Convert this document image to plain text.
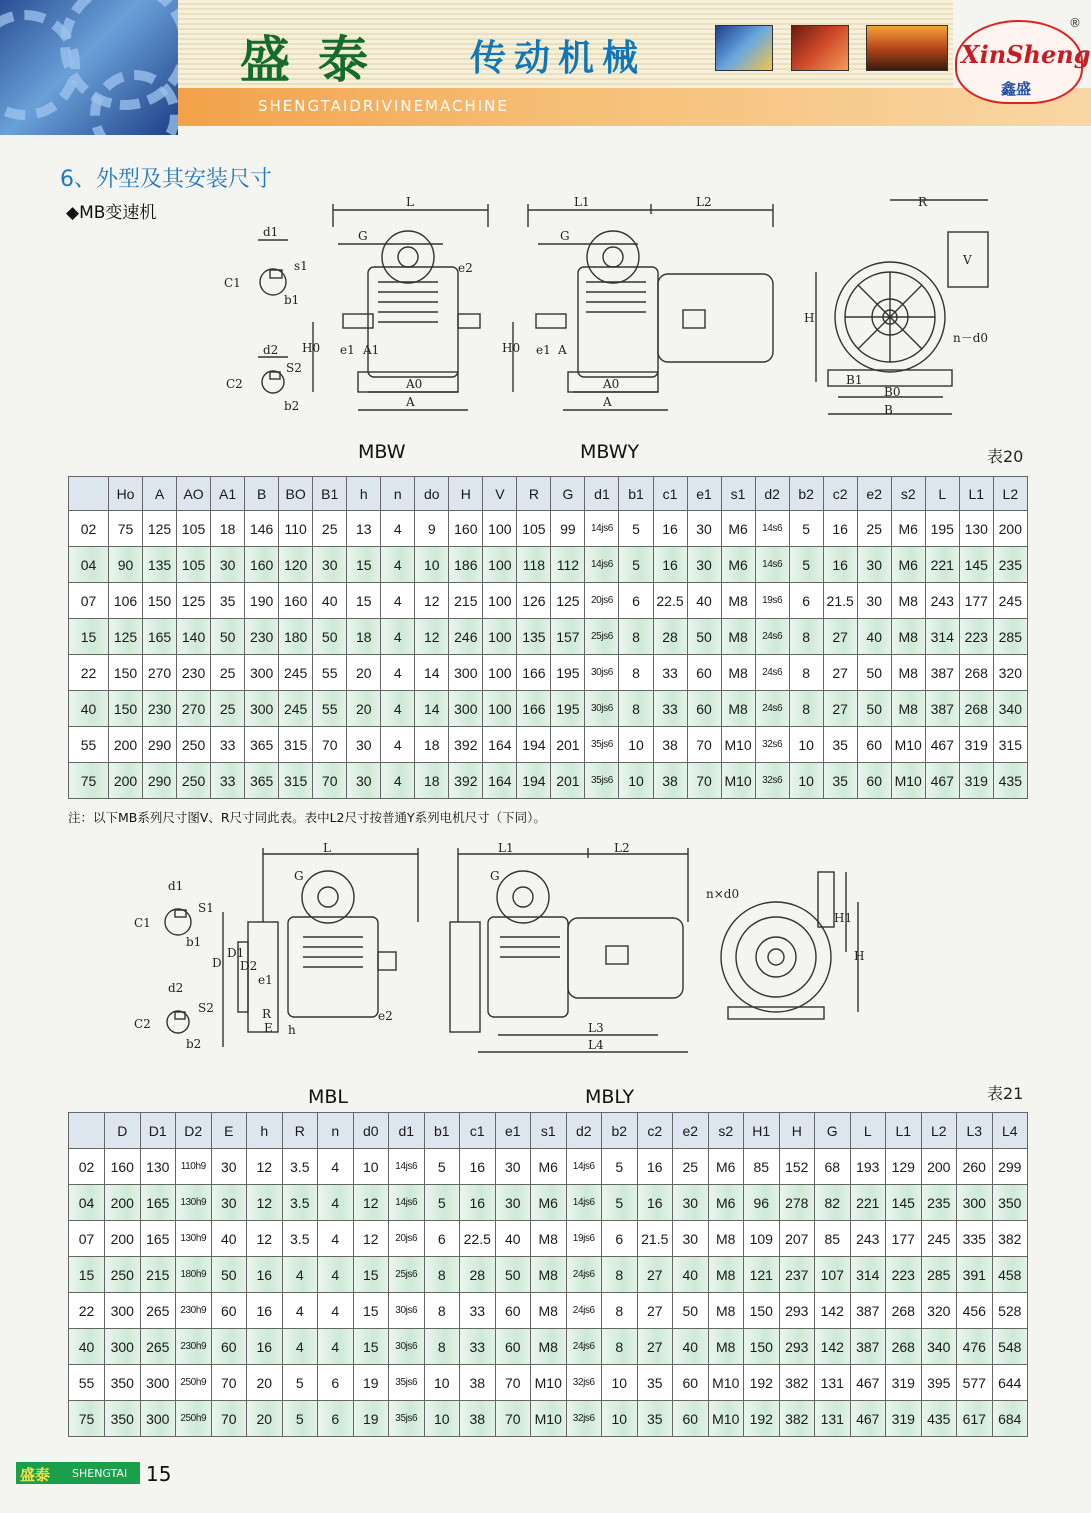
盛泰 传动机械
SHENGTAIDRIVINEMACHINE
XinSheng
鑫盛
®
6、外型及其安装尺寸
◆MB变速机
L
G
d1
C1
s1
b1
e2
d2
C2
S2
b2
H0 e1 A1
A0
A
L1	L2
G
H0 e1 A
A0
A
R
V
H
n－d0
B1
B0
B
MBW	MBWY	表20
	Ho	A	AO	A1	B	BO	B1	h	n	do	H	V	R	G	d1	b1	c1	e1	s1	d2	b2	c2	e2	s2	L	L1	L2
02	75	125	105	18	146	110	25	13	4	9	160	100	105	99	14js6	5	16	30	M6	14s6	5	16	25	M6	195	130	200
04	90	135	105	30	160	120	30	15	4	10	186	100	118	112	14js6	5	16	30	M6	14s6	5	16	30	M6	221	145	235
07	106	150	125	35	190	160	40	15	4	12	215	100	126	125	20js6	6	22.5	40	M8	19s6	6	21.5	30	M8	243	177	245
15	125	165	140	50	230	180	50	18	4	12	246	100	135	157	25js6	8	28	50	M8	24s6	8	27	40	M8	314	223	285
22	150	270	230	25	300	245	55	20	4	14	300	100	166	195	30js6	8	33	60	M8	24s6	8	27	50	M8	387	268	320
40	150	230	270	25	300	245	55	20	4	14	300	100	166	195	30js6	8	33	60	M8	24s6	8	27	50	M8	387	268	340
55	200	290	250	33	365	315	70	30	4	18	392	164	194	201	35js6	10	38	70	M10	32s6	10	35	60	M10	467	319	315
75	200	290	250	33	365	315	70	30	4	18	392	164	194	201	35js6	10	38	70	M10	32s6	10	35	60	M10	467	319	435
注：以下MB系列尺寸图V、R尺寸同此表。表中L2尺寸按普通Y系列电机尺寸（下同）。
L
G
d1
C1
S1
b1
d2
C2
S2
b2
D
D1
D2
e1
e2
R
E h
L1	L2
L3
L4
G
n×d0
H1
H
MBL	MBLY	表21
	D	D1	D2	E	h	R	n	d0	d1	b1	c1	e1	s1	d2	b2	c2	e2	s2	H1	H	G	L	L1	L2	L3	L4
02	160	130	110h9	30	12	3.5	4	10	14js6	5	16	30	M6	14js6	5	16	25	M6	85	152	68	193	129	200	260	299
04	200	165	130h9	30	12	3.5	4	12	14js6	5	16	30	M6	14js6	5	16	30	M6	96	278	82	221	145	235	300	350
07	200	165	130h9	40	12	3.5	4	12	20js6	6	22.5	40	M8	19js6	6	21.5	30	M8	109	207	85	243	177	245	335	382
15	250	215	180h9	50	16	4	4	15	25js6	8	28	50	M8	24js6	8	27	40	M8	121	237	107	314	223	285	391	458
22	300	265	230h9	60	16	4	4	15	30js6	8	33	60	M8	24js6	8	27	50	M8	150	293	142	387	268	320	456	528
40	300	265	230h9	60	16	4	4	15	30js6	8	33	60	M8	24js6	8	27	40	M8	150	293	142	387	268	340	476	548
55	350	300	250h9	70	20	5	6	19	35js6	10	38	70	M10	32js6	10	35	60	M10	192	382	131	467	319	395	577	644
75	350	300	250h9	70	20	5	6	19	35js6	10	38	70	M10	32js6	10	35	60	M10	192	382	131	467	319	435	617	684
盛泰 SHENGTAI 15
